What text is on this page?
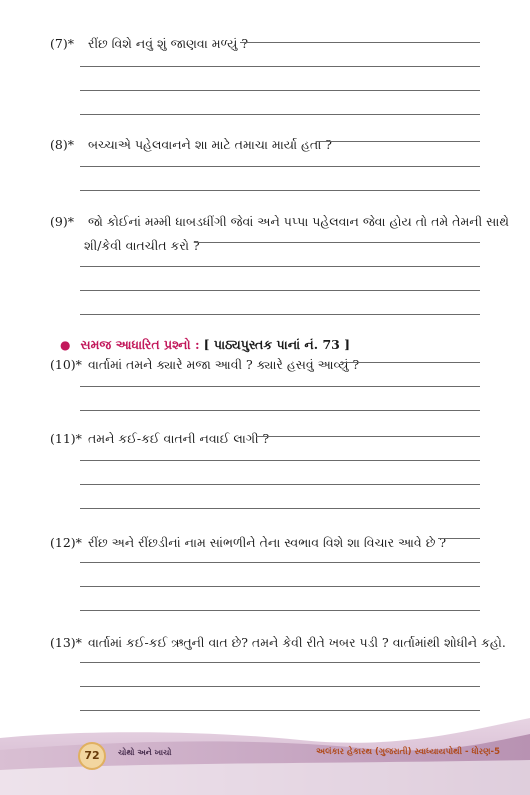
(7)* રીંછ વિશે નવું શું જાણવા મળ્યું ?
(8)* બચ્ચાએ પહેલવાનને શા માટે તમાચા માર્યા હતા ?
(9)* જો કોઈનાં મમ્મી ધાબડધીંગી જેવાં અને પપ્પા પહેલવાન જેવા હોય તો તમે તેમની સાથે
શી/કેવી વાતચીત કરો ?
● સમજ આધારિત પ્રશ્નો : [ પાઠ્યપુસ્તક પાનાં નં. 73 ]
(10)* વાર્તામાં તમને ક્યારે મજા આવી ? ક્યારે હસવું આવ્યું ?
(11)* તમને કઈ-કઈ વાતની નવાઈ લાગી ?
(12)* રીંછ અને રીંછડીનાં નામ સાંભળીને તેના સ્વભાવ વિશે શા વિચાર આવે છે ?
(13)* વાર્તામાં કઈ-કઈ ઋતુની વાત છે? તમને કેવી રીતે ખબર પડી ? વાર્તામાંથી શોધીને કહો.
72	ચોથો અને ખાચો	અલંકાર હેકારથ (ગુજરાતી) સ્વાધ્યાયપોથી - ધોરણ-5
